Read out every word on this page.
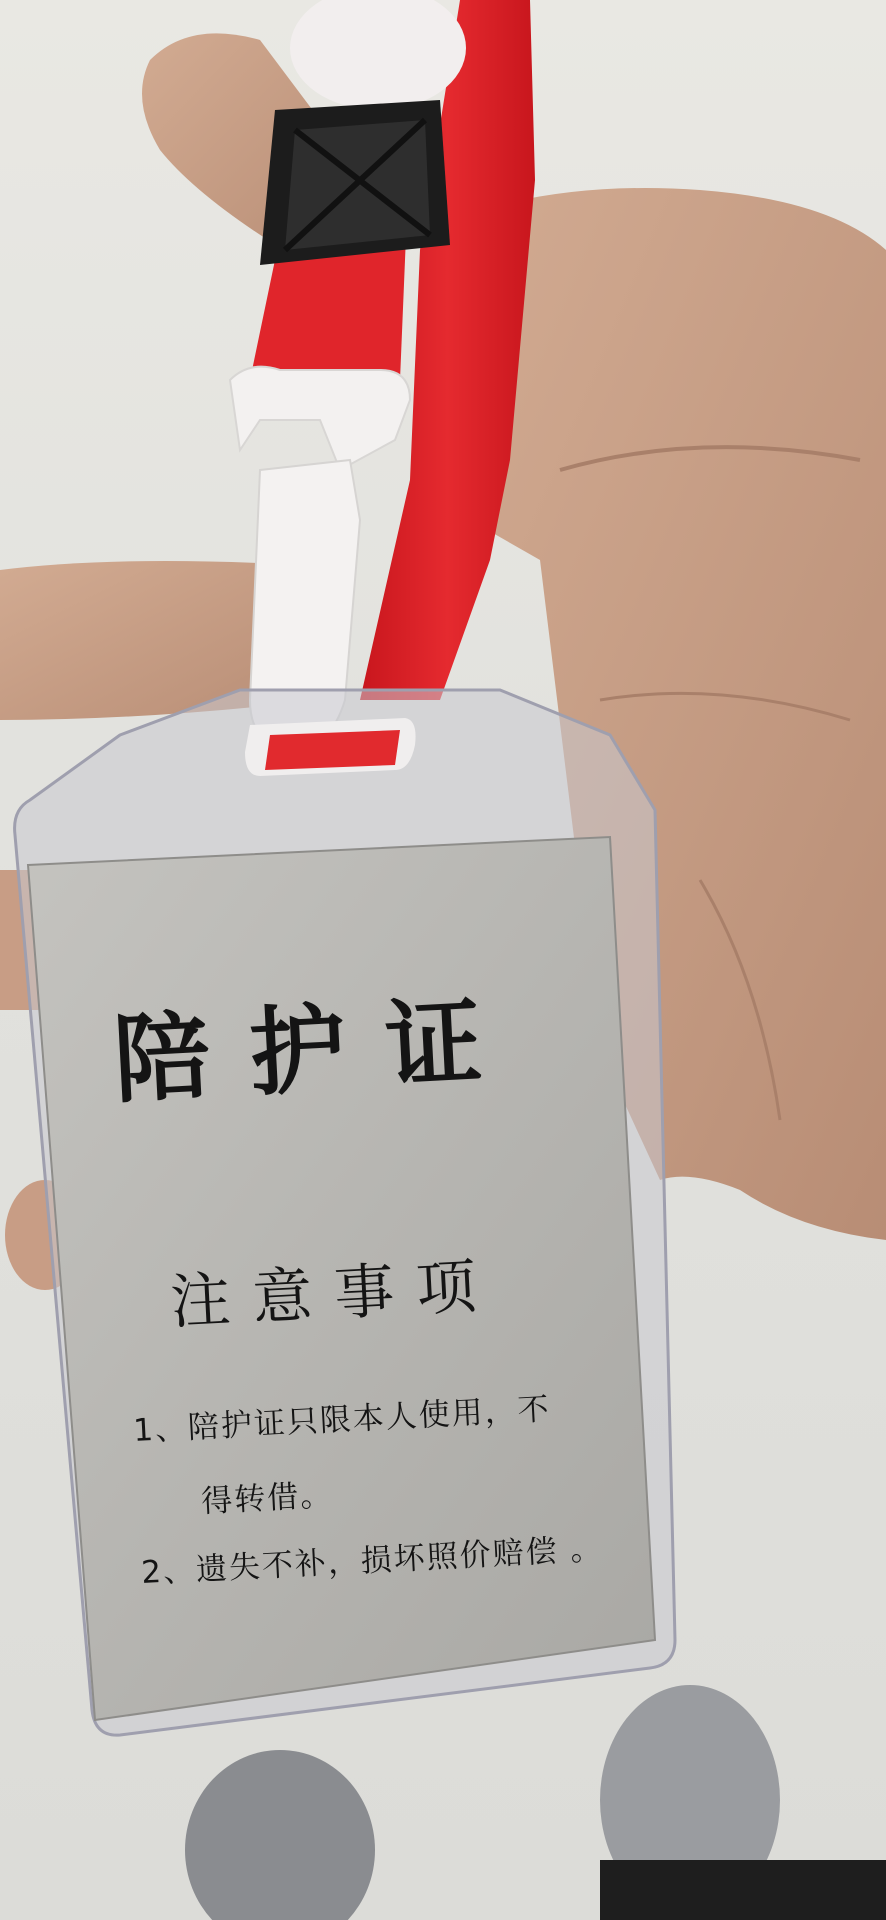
陪护证
注意事项
1、陪护证只限本人使用，不
得转借。
2、遗失不补，损坏照价赔偿 。
